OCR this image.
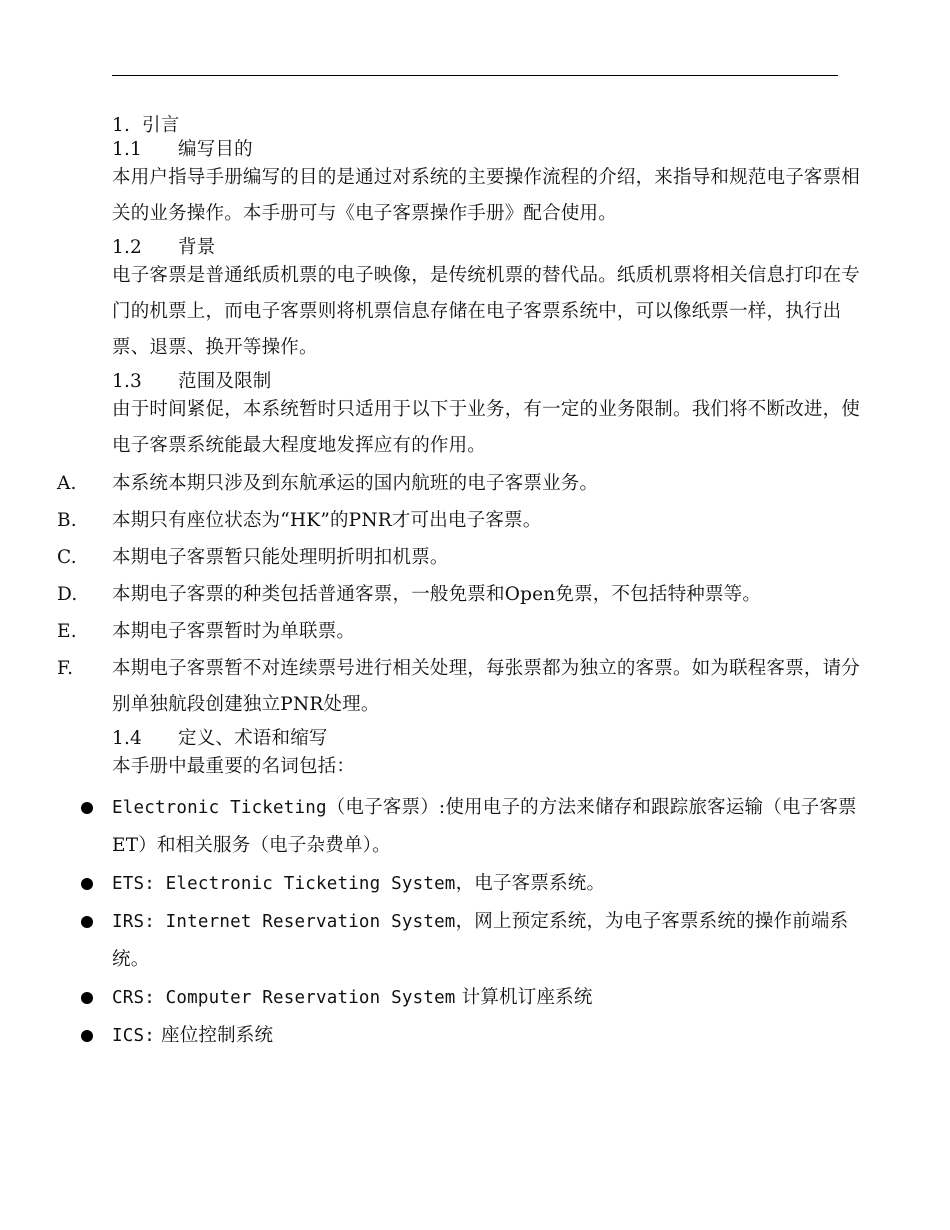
1. 引言

1.1 编写目的

本用户指导手册编写的目的是通过对系统的主要操作流程的介绍，来指导和规范电子客票相关的业务操作。本手册可与《电子客票操作手册》配合使用。

1.2 背景

电子客票是普通纸质机票的电子映像，是传统机票的替代品。纸质机票将相关信息打印在专门的机票上，而电子客票则将机票信息存储在电子客票系统中，可以像纸票一样，执行出票、退票、换开等操作。

1.3 范围及限制

由于时间紧促，本系统暂时只适用于以下于业务，有一定的业务限制。我们将不断改进，使电子客票系统能最大程度地发挥应有的作用。

A. 本系统本期只涉及到东航承运的国内航班的电子客票业务。
B. 本期只有座位状态为“HK”的PNR才可出电子客票。
C. 本期电子客票暂只能处理明折明扣机票。
D. 本期电子客票的种类包括普通客票，一般免票和Open免票，不包括特种票等。
E. 本期电子客票暂时为单联票。
F. 本期电子客票暂不对连续票号进行相关处理，每张票都为独立的客票。如为联程客票，请分别单独航段创建独立PNR处理。

1.4 定义、术语和缩写

本手册中最重要的名词包括：

Electronic Ticketing（电子客票）:使用电子的方法来储存和跟踪旅客运输（电子客票ET）和相关服务（电子杂费单）。
ETS: Electronic Ticketing System，电子客票系统。
IRS: Internet Reservation System，网上预定系统，为电子客票系统的操作前端系统。
CRS: Computer Reservation System 计算机订座系统
ICS: 座位控制系统
